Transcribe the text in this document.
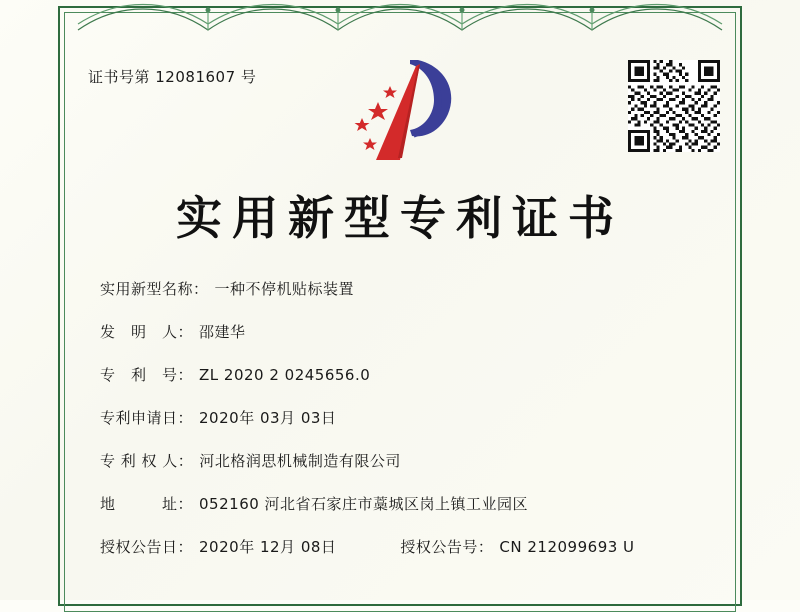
证书号第 12081607 号
实用新型专利证书
实用新型名称： 一种不停机贴标装置
发　明　人： 邵建华
专　利　号： ZL 2020 2 0245656.0
专利申请日： 2020年 03月 03日
专 利 权 人： 河北格润思机械制造有限公司
地　　　址： 052160 河北省石家庄市藁城区岗上镇工业园区
授权公告日： 2020年 12月 08日	授权公告号： CN 212099693 U
